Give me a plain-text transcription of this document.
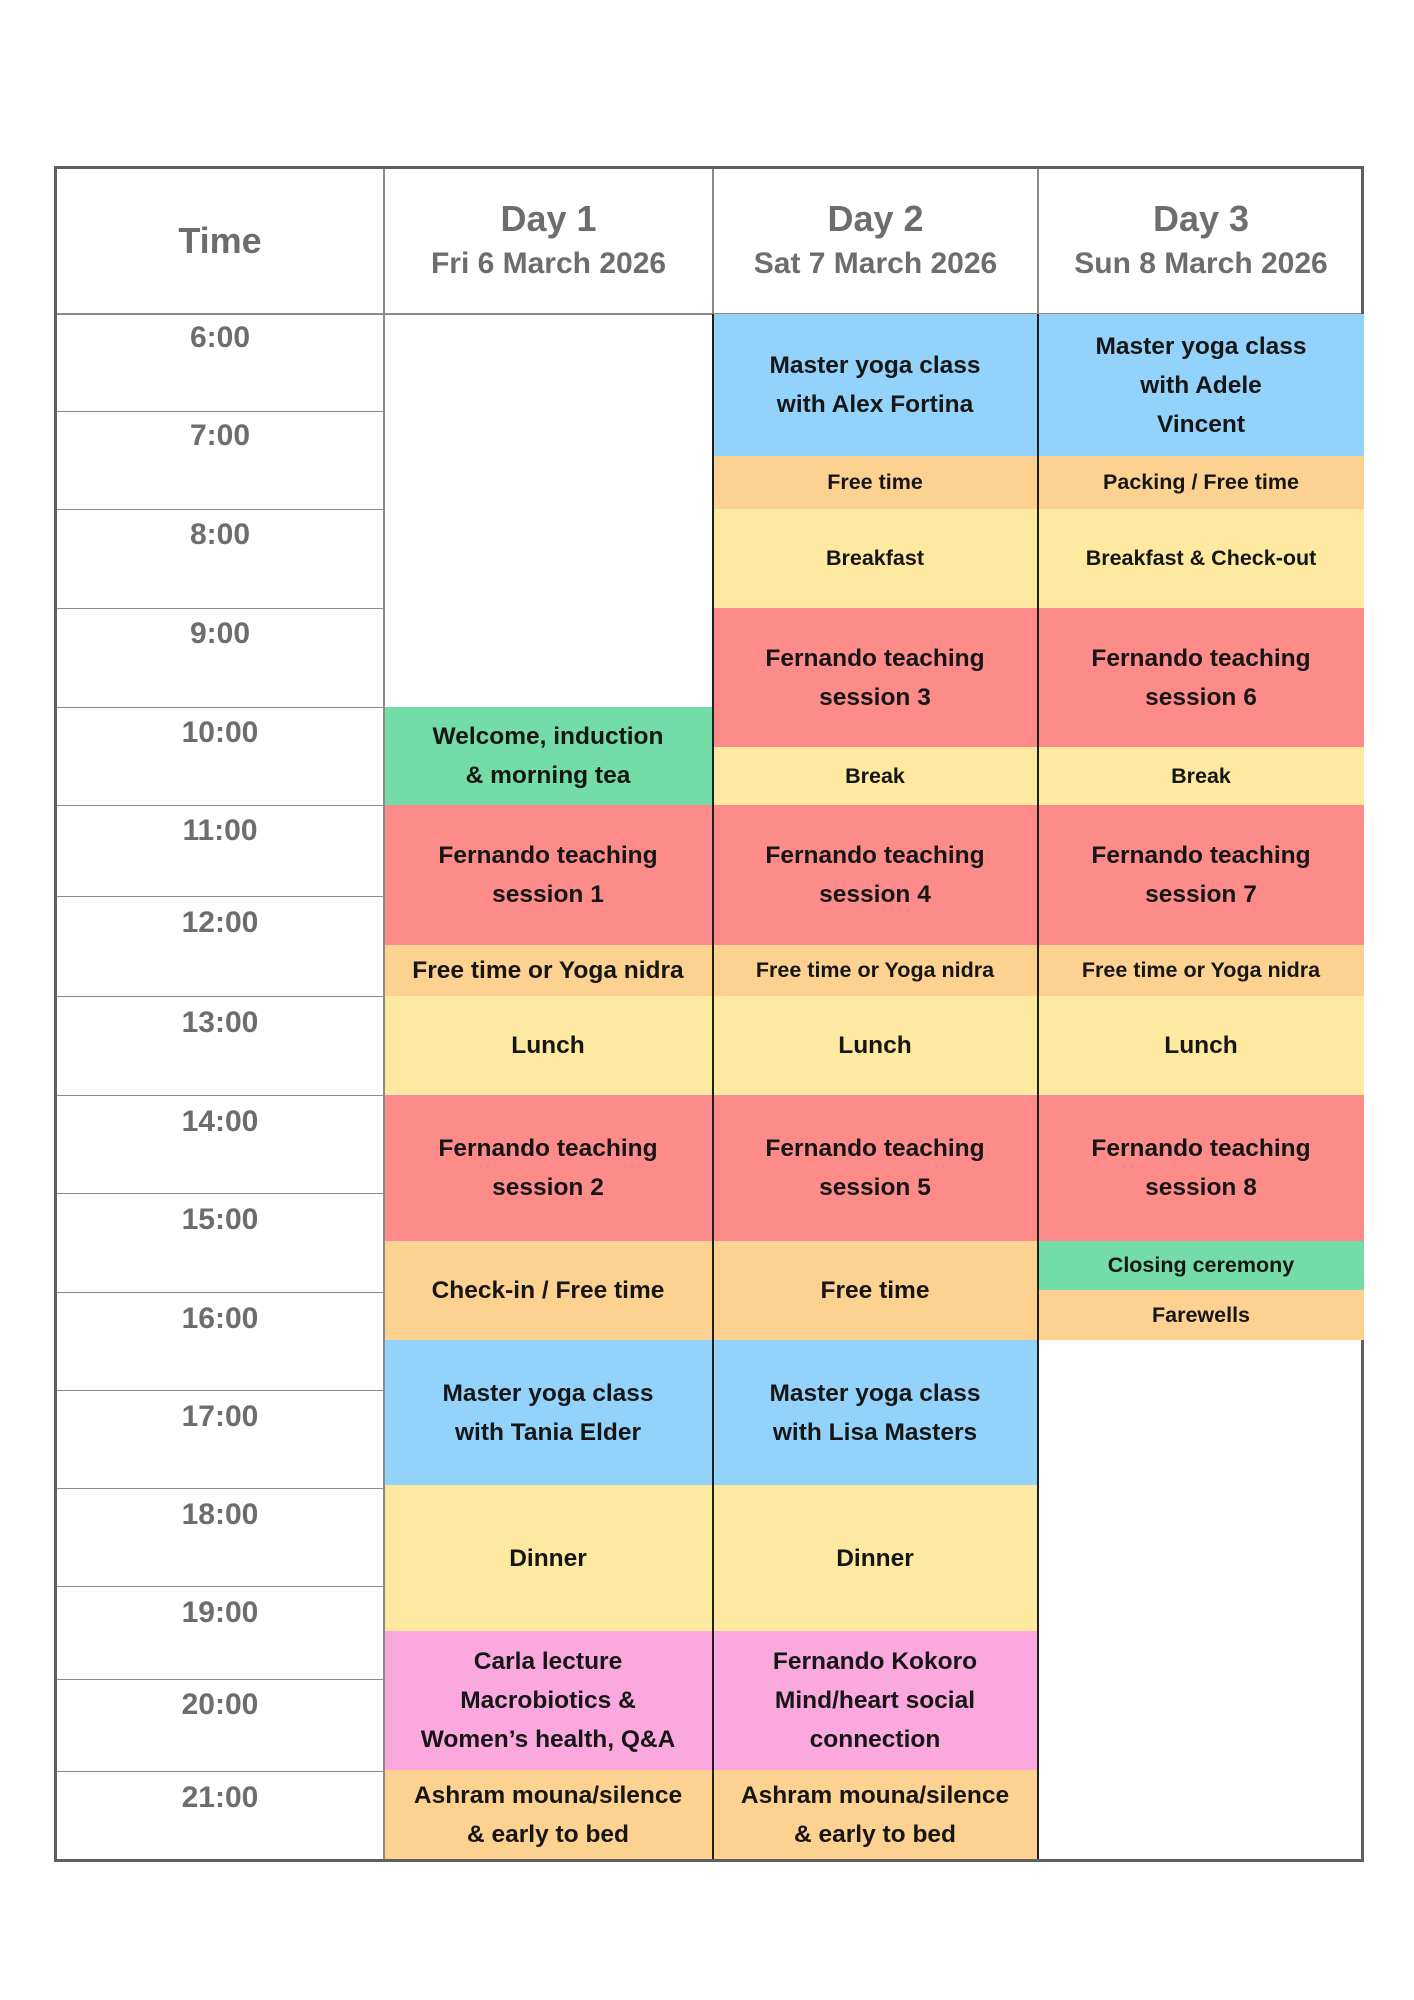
Time
Day 1
Fri 6 March 2026
Day 2
Sat 7 March 2026
Day 3
Sun 8 March 2026
6:00
7:00
8:00
9:00
10:00
11:00
12:00
13:00
14:00
15:00
16:00
17:00
18:00
19:00
20:00
21:00
Welcome, induction
& morning tea
Fernando teaching
session 1
Free time or Yoga nidra
Lunch
Fernando teaching
session 2
Check-in / Free time
Master yoga class
with Tania Elder
Dinner
Carla lecture
Macrobiotics &
Women’s health, Q&A
Ashram mouna/silence
& early to bed
Master yoga class
with Alex Fortina
Free time
Breakfast
Fernando teaching
session 3
Break
Fernando teaching
session 4
Free time or Yoga nidra
Lunch
Fernando teaching
session 5
Free time
Master yoga class
with Lisa Masters
Dinner
Fernando Kokoro
Mind/heart social
connection
Ashram mouna/silence
& early to bed
Master yoga class
with Adele
Vincent
Packing / Free time
Breakfast & Check-out
Fernando teaching
session 6
Break
Fernando teaching
session 7
Free time or Yoga nidra
Lunch
Fernando teaching
session 8
Closing ceremony
Farewells
